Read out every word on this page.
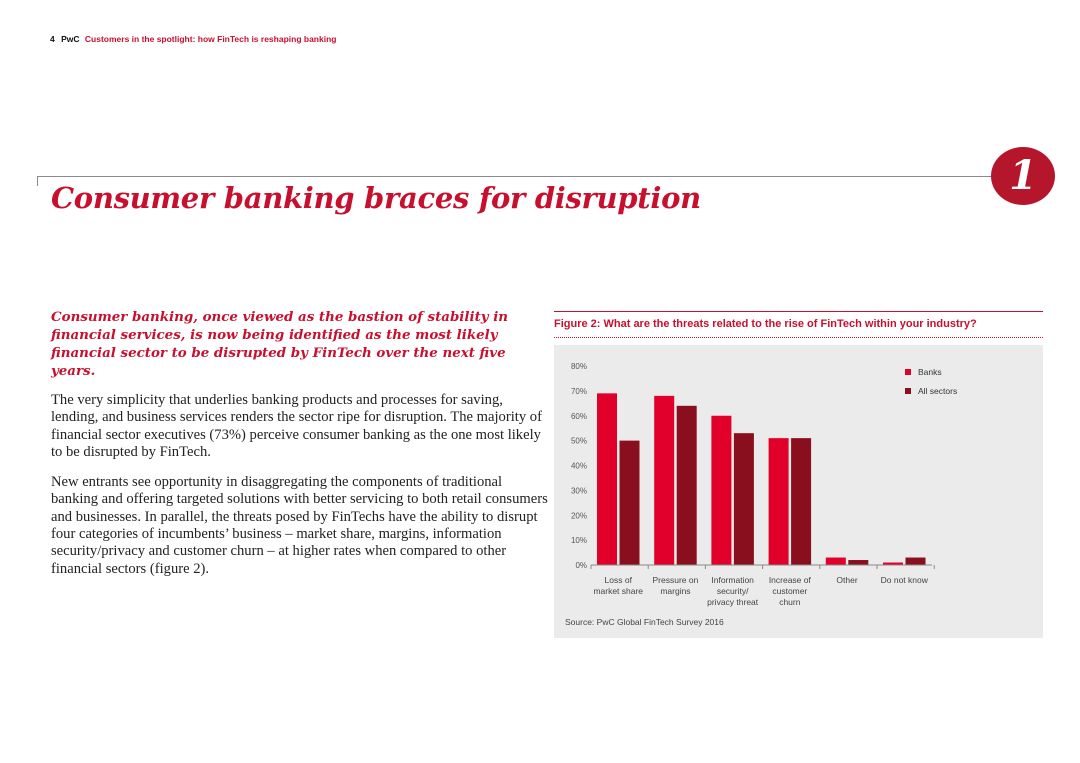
4 PwC Customers in the spotlight: how FinTech is reshaping banking
1
Consumer banking braces for disruption

Consumer banking, once viewed as the bastion of stability in financial services, is now being identified as the most likely financial sector to be disrupted by FinTech over the next five years.

The very simplicity that underlies banking products and processes for saving, lending, and business services renders the sector ripe for disruption. The majority of financial sector executives (73%) perceive consumer banking as the one most likely to be disrupted by FinTech.

New entrants see opportunity in disaggregating the components of traditional banking and offering targeted solutions with better servicing to both retail consumers and businesses. In parallel, the threats posed by FinTechs have the ability to disrupt four categories of incumbents’ business – market share, margins, information security/privacy and customer churn – at higher rates when compared to other financial sectors (figure 2).

Figure 2: What are the threats related to the rise of FinTech within your industry?

0%
10%
20%
30%
40%
50%
60%
70%
80%
Loss of
market share
Pressure on
margins
Information
security/
privacy threat
Increase of
customer
churn
Other	Do not know
Banks
All sectors
Source: PwC Global FinTech Survey 2016
